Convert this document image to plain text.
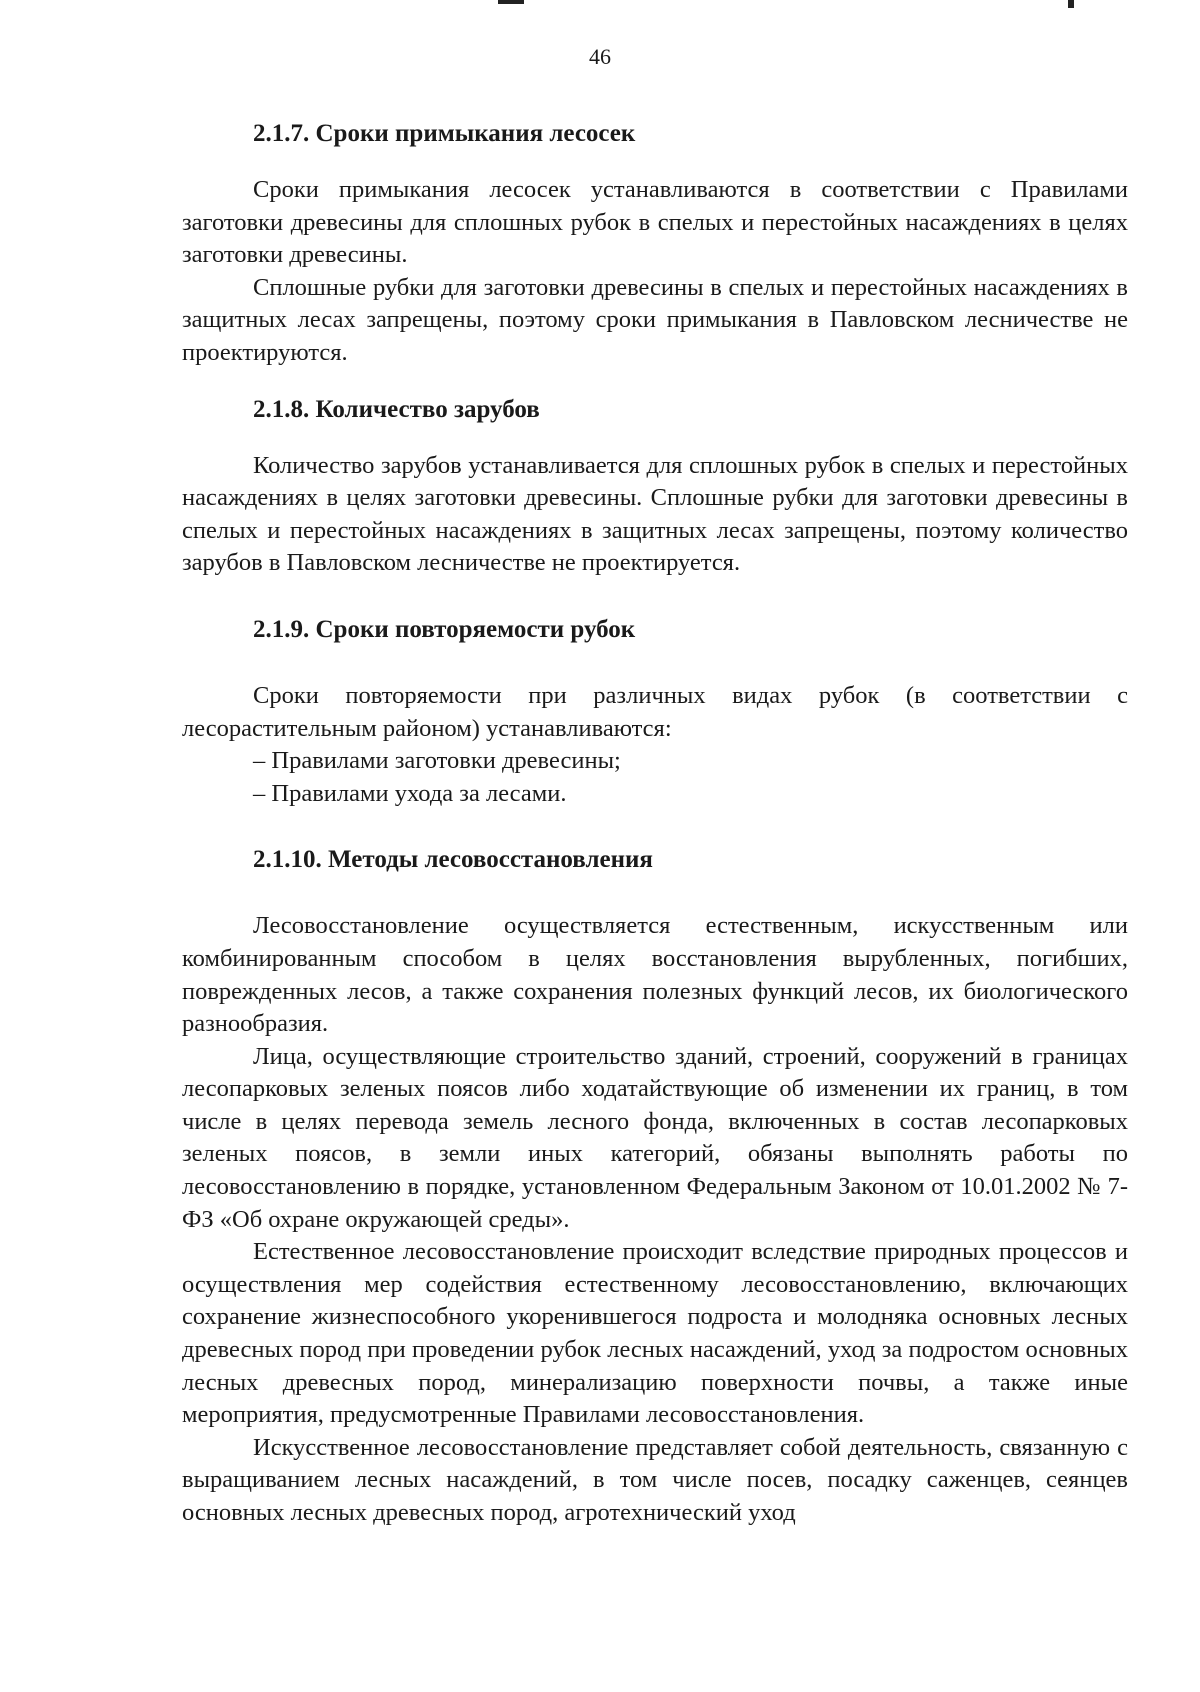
46
2.1.7. Сроки примыкания лесосек

Сроки примыкания лесосек устанавливаются в соответствии с Правилами заготовки древесины для сплошных рубок в спелых и перестойных насаждениях в целях заготовки древесины.

Сплошные рубки для заготовки древесины в спелых и перестойных насаждениях в защитных лесах запрещены, поэтому сроки примыкания в Павловском лесничестве не проектируются.

2.1.8. Количество зарубов

Количество зарубов устанавливается для сплошных рубок в спелых и перестойных насаждениях в целях заготовки древесины. Сплошные рубки для заготовки древесины в спелых и перестойных насаждениях в защитных лесах запрещены, поэтому количество зарубов в Павловском лесничестве не проектируется.

2.1.9. Сроки повторяемости рубок

Сроки повторяемости при различных видах рубок (в соответствии с лесорастительным районом) устанавливаются:

– Правилами заготовки древесины;

– Правилами ухода за лесами.

2.1.10. Методы лесовосстановления

Лесовосстановление осуществляется естественным, искусственным или комбинированным способом в целях восстановления вырубленных, погибших, поврежденных лесов, а также сохранения полезных функций лесов, их биологического разнообразия.

Лица, осуществляющие строительство зданий, строений, сооружений в границах лесопарковых зеленых поясов либо ходатайствующие об изменении их границ, в том числе в целях перевода земель лесного фонда, включенных в состав лесопарковых зеленых поясов, в земли иных категорий, обязаны выполнять работы по лесовосстановлению в порядке, установленном Федеральным Законом от 10.01.2002 № 7-ФЗ «Об охране окружающей среды».

Естественное лесовосстановление происходит вследствие природных процессов и осуществления мер содействия естественному лесовосстановлению, включающих сохранение жизнеспособного укоренившегося подроста и молодняка основных лесных древесных пород при проведении рубок лесных насаждений, уход за подростом основных лесных древесных пород, минерализацию поверхности почвы, а также иные мероприятия, предусмотренные Правилами лесовосстановления.

Искусственное лесовосстановление представляет собой деятельность, связанную с выращиванием лесных насаждений, в том числе посев, посадку саженцев, сеянцев основных лесных древесных пород, агротехнический уход
